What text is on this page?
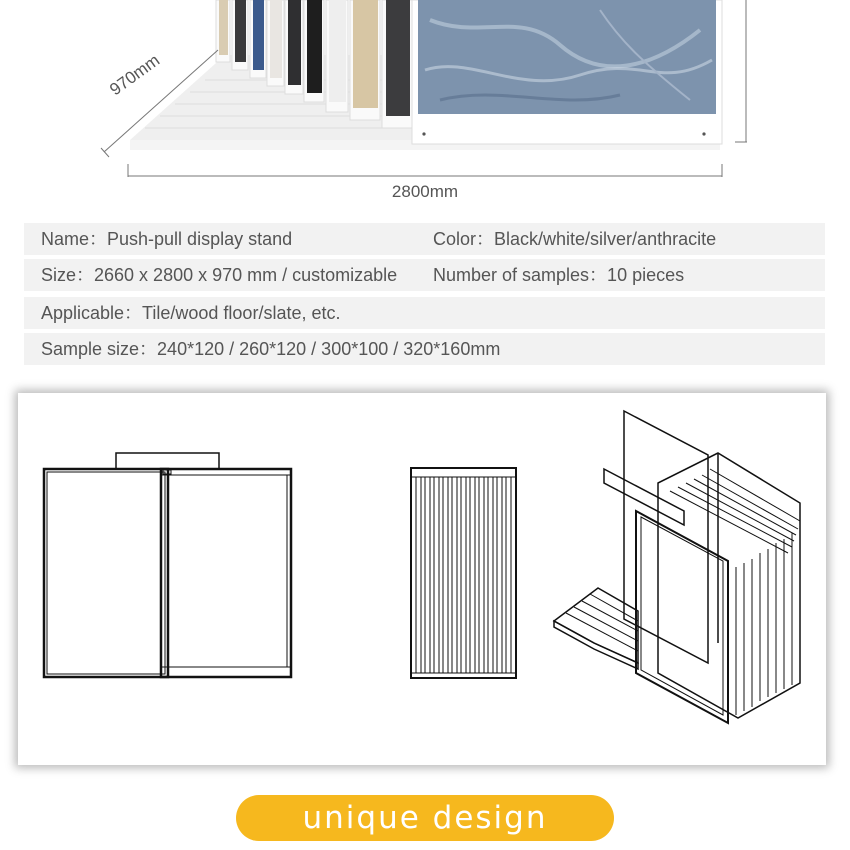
2800mm
970mm
Name：Push-pull display stand	Color：Black/white/silver/anthracite
Size：2660 x 2800 x 970 mm / customizable Number of samples：10 pieces
Applicable：Tile/wood floor/slate, etc.
Sample size：240*120 / 260*120 / 300*100 / 320*160mm
unique design
